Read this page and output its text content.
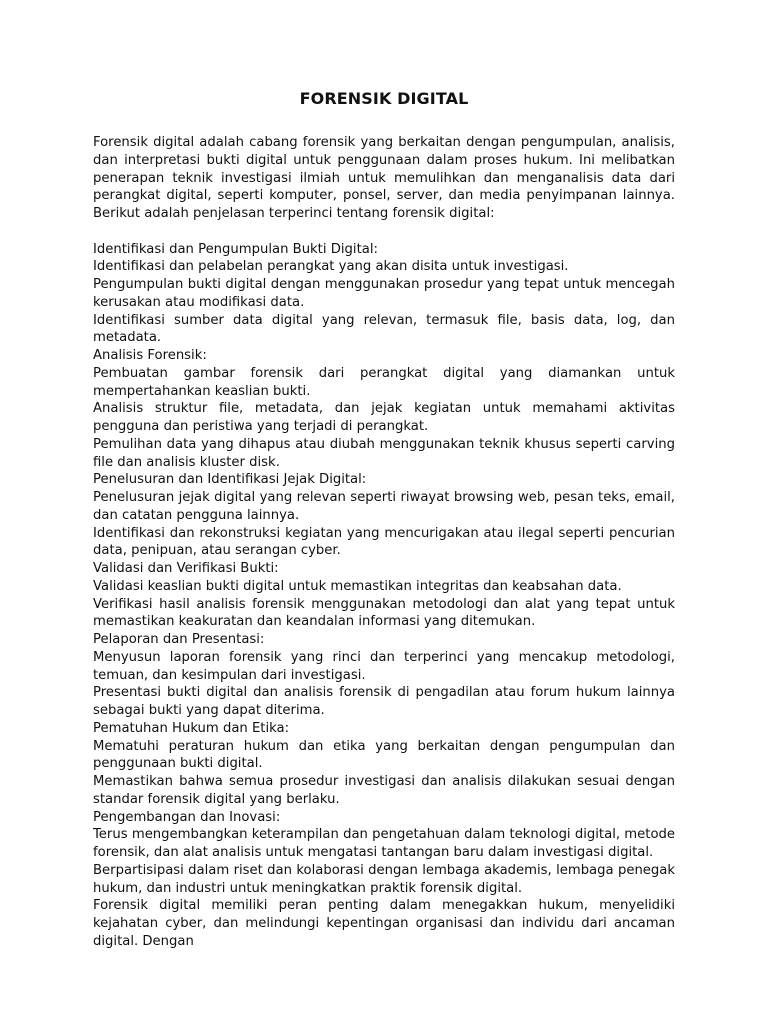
FORENSIK DIGITAL

Forensik digital adalah cabang forensik yang berkaitan dengan pengumpulan, analisis, dan interpretasi bukti digital untuk penggunaan dalam proses hukum. Ini melibatkan penerapan teknik investigasi ilmiah untuk memulihkan dan menganalisis data dari perangkat digital, seperti komputer, ponsel, server, dan media penyimpanan lainnya. Berikut adalah penjelasan terperinci tentang forensik digital:

Identifikasi dan Pengumpulan Bukti Digital:

Identifikasi dan pelabelan perangkat yang akan disita untuk investigasi.

Pengumpulan bukti digital dengan menggunakan prosedur yang tepat untuk mencegah kerusakan atau modifikasi data.

Identifikasi sumber data digital yang relevan, termasuk file, basis data, log, dan metadata.

Analisis Forensik:

Pembuatan gambar forensik dari perangkat digital yang diamankan untuk mempertahankan keaslian bukti.

Analisis struktur file, metadata, dan jejak kegiatan untuk memahami aktivitas pengguna dan peristiwa yang terjadi di perangkat.

Pemulihan data yang dihapus atau diubah menggunakan teknik khusus seperti carving file dan analisis kluster disk.

Penelusuran dan Identifikasi Jejak Digital:

Penelusuran jejak digital yang relevan seperti riwayat browsing web, pesan teks, email, dan catatan pengguna lainnya.

Identifikasi dan rekonstruksi kegiatan yang mencurigakan atau ilegal seperti pencurian data, penipuan, atau serangan cyber.

Validasi dan Verifikasi Bukti:

Validasi keaslian bukti digital untuk memastikan integritas dan keabsahan data.

Verifikasi hasil analisis forensik menggunakan metodologi dan alat yang tepat untuk memastikan keakuratan dan keandalan informasi yang ditemukan.

Pelaporan dan Presentasi:

Menyusun laporan forensik yang rinci dan terperinci yang mencakup metodologi, temuan, dan kesimpulan dari investigasi.

Presentasi bukti digital dan analisis forensik di pengadilan atau forum hukum lainnya sebagai bukti yang dapat diterima.

Pematuhan Hukum dan Etika:

Mematuhi peraturan hukum dan etika yang berkaitan dengan pengumpulan dan penggunaan bukti digital.

Memastikan bahwa semua prosedur investigasi dan analisis dilakukan sesuai dengan standar forensik digital yang berlaku.

Pengembangan dan Inovasi:

Terus mengembangkan keterampilan dan pengetahuan dalam teknologi digital, metode forensik, dan alat analisis untuk mengatasi tantangan baru dalam investigasi digital.

Berpartisipasi dalam riset dan kolaborasi dengan lembaga akademis, lembaga penegak hukum, dan industri untuk meningkatkan praktik forensik digital.

Forensik digital memiliki peran penting dalam menegakkan hukum, menyelidiki kejahatan cyber, dan melindungi kepentingan organisasi dan individu dari ancaman digital. Dengan
